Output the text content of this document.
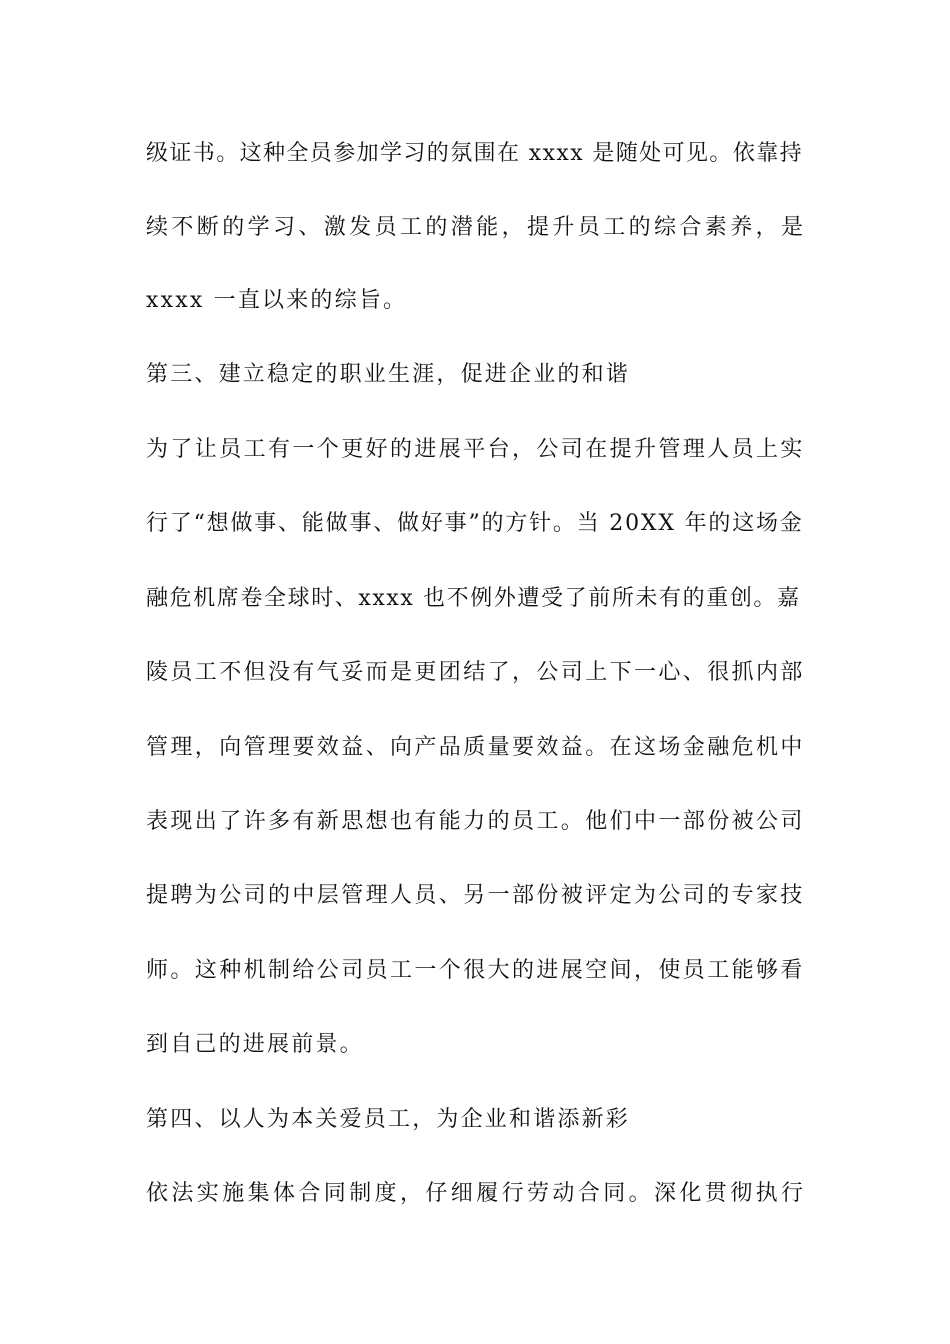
级证书。这种全员参加学习的氛围在 xxxx 是随处可见。依靠持
续不断的学习、激发员工的潜能，提升员工的综合素养，是
xxxx 一直以来的综旨。
第三、建立稳定的职业生涯，促进企业的和谐
为了让员工有一个更好的进展平台，公司在提升管理人员上实
行了“想做事、能做事、做好事”的方针。当 20XX 年的这场金
融危机席卷全球时、xxxx 也不例外遭受了前所未有的重创。嘉
陵员工不但没有气妥而是更团结了，公司上下一心、很抓内部
管理，向管理要效益、向产品质量要效益。在这场金融危机中
表现出了许多有新思想也有能力的员工。他们中一部份被公司
提聘为公司的中层管理人员、另一部份被评定为公司的专家技
师。这种机制给公司员工一个很大的进展空间，使员工能够看
到自己的进展前景。
第四、以人为本关爱员工，为企业和谐添新彩
依法实施集体合同制度，仔细履行劳动合同。深化贯彻执行
